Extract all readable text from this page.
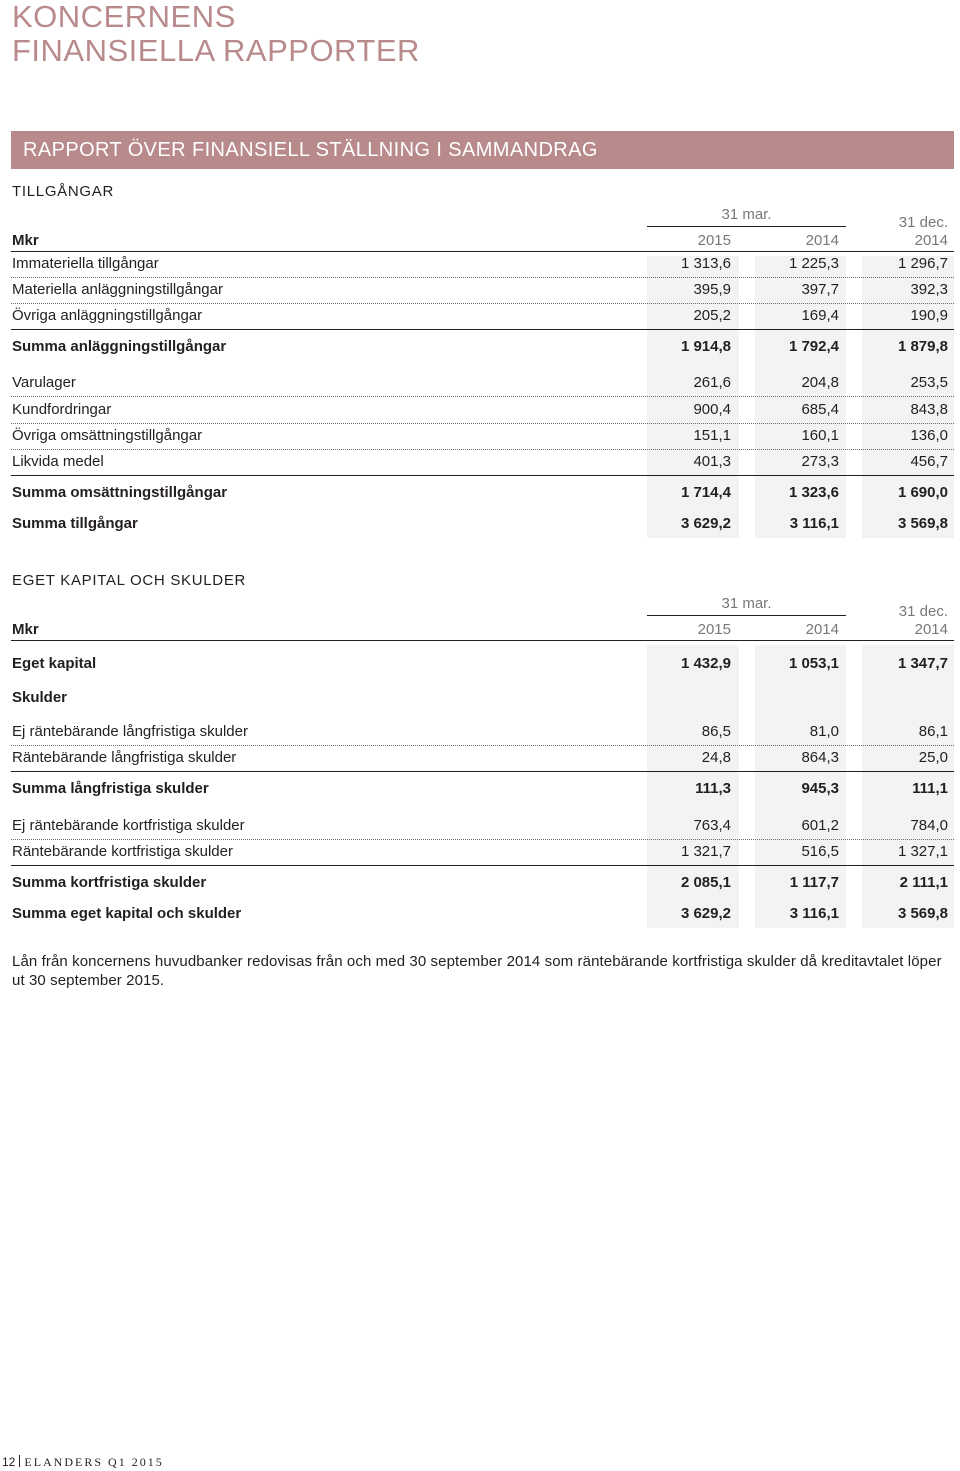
KONCERNENS
FINANSIELLA RAPPORTER
RAPPORT ÖVER FINANSIELL STÄLLNING I SAMMANDRAG
TILLGÅNGAR
31 mar.	31 dec.
Mkr	2015	2014	2014
Immateriella tillgångar	1 313,6	1 225,3	1 296,7
Materiella anläggningstillgångar	395,9	397,7	392,3
Övriga anläggningstillgångar	205,2	169,4	190,9
Summa anläggningstillgångar	1 914,8	1 792,4	1 879,8
Varulager	261,6	204,8	253,5
Kundfordringar	900,4	685,4	843,8
Övriga omsättningstillgångar	151,1	160,1	136,0
Likvida medel	401,3	273,3	456,7
Summa omsättningstillgångar	1 714,4	1 323,6	1 690,0
Summa tillgångar	3 629,2	3 116,1	3 569,8
EGET KAPITAL OCH SKULDER
31 mar.	31 dec.
Mkr	2015	2014	2014
Eget kapital	1 432,9	1 053,1	1 347,7
Skulder
Ej räntebärande långfristiga skulder	86,5	81,0	86,1
Räntebärande långfristiga skulder	24,8	864,3	25,0
Summa långfristiga skulder	111,3	945,3	111,1
Ej räntebärande kortfristiga skulder	763,4	601,2	784,0
Räntebärande kortfristiga skulder	1 321,7	516,5	1 327,1
Summa kortfristiga skulder	2 085,1	1 117,7	2 111,1
Summa eget kapital och skulder	3 629,2	3 116,1	3 569,8

Lån från koncernens huvudbanker redovisas från och med 30 september 2014 som räntebärande kortfristiga skulder då kreditavtalet löper ut 30 september 2015.

12 ELANDERS Q1 2015
